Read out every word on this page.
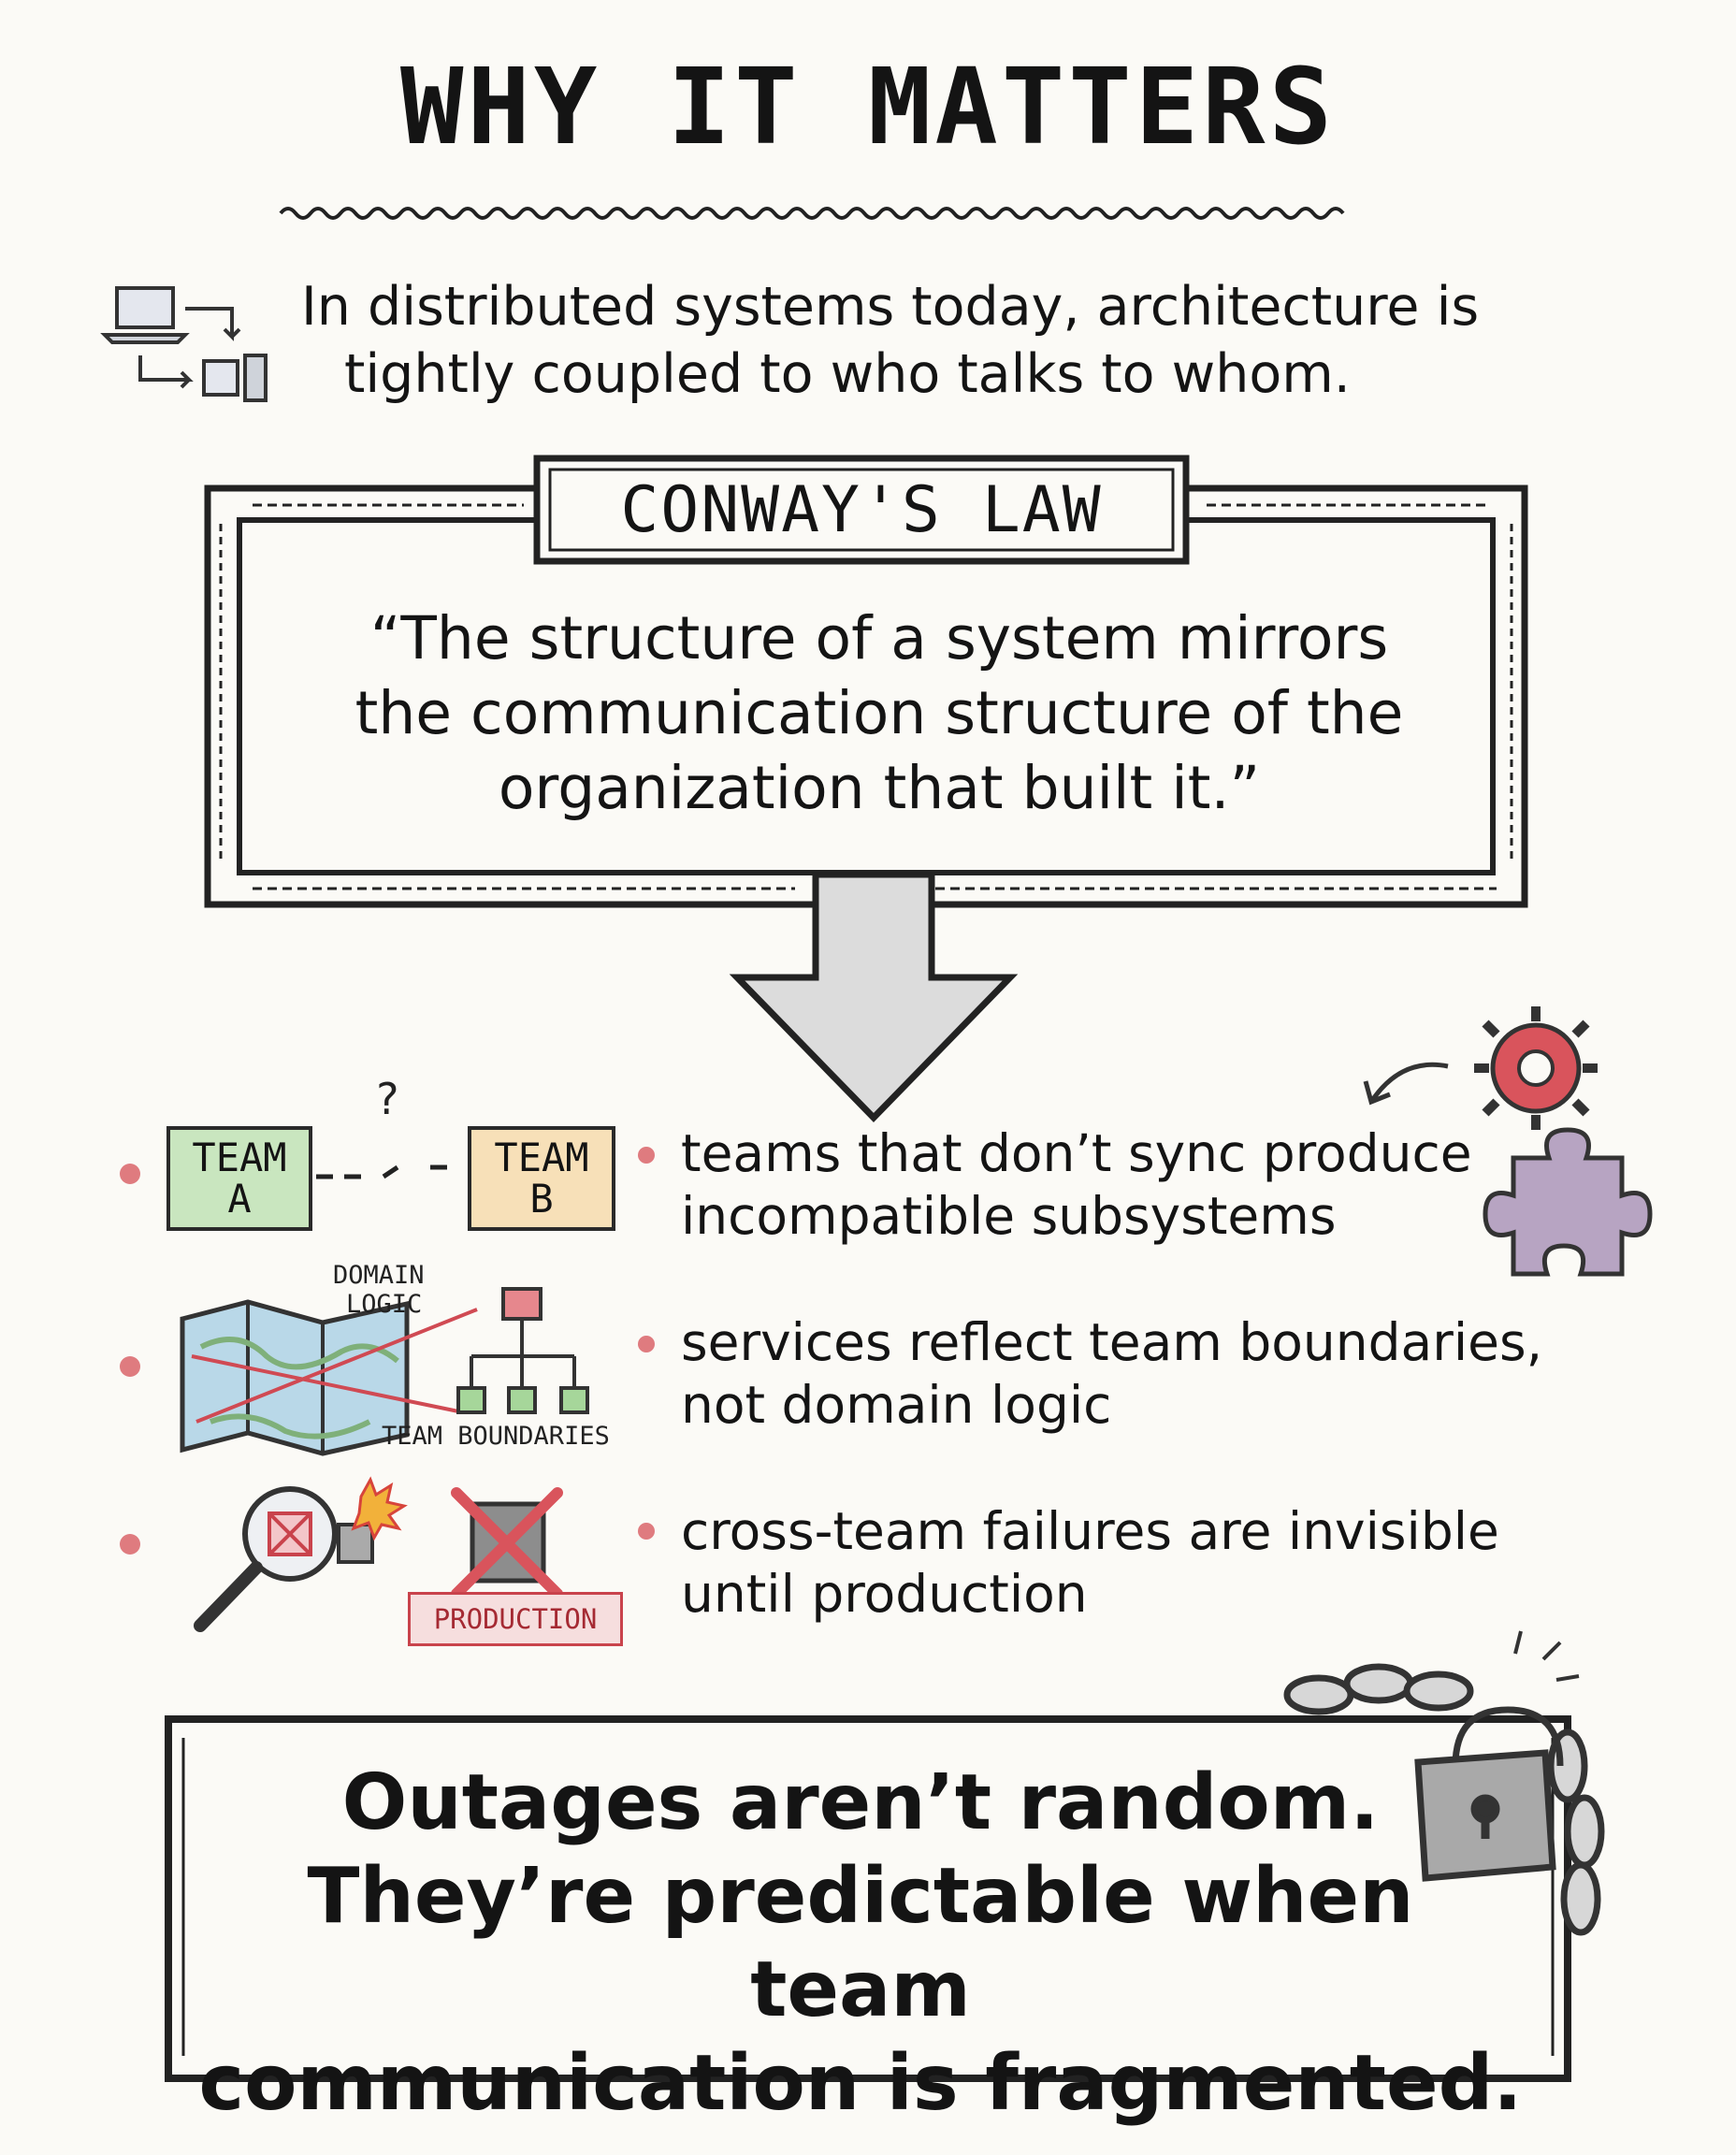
WHY IT MATTERS
In distributed systems today, architecture is
tightly coupled to who talks to whom.
CONWAY'S LAW
“The structure of a system mirrors
the communication structure of the
organization that built it.”
TEAM
A
?
TEAM
B
teams that don’t sync produce
incompatible subsystems
DOMAIN
LOGIC
TEAM BOUNDARIES
services reflect team boundaries,
not domain logic
PRODUCTION
cross-team failures are invisible
until production
Outages aren’t random.
They’re predictable when team
communication is fragmented.
